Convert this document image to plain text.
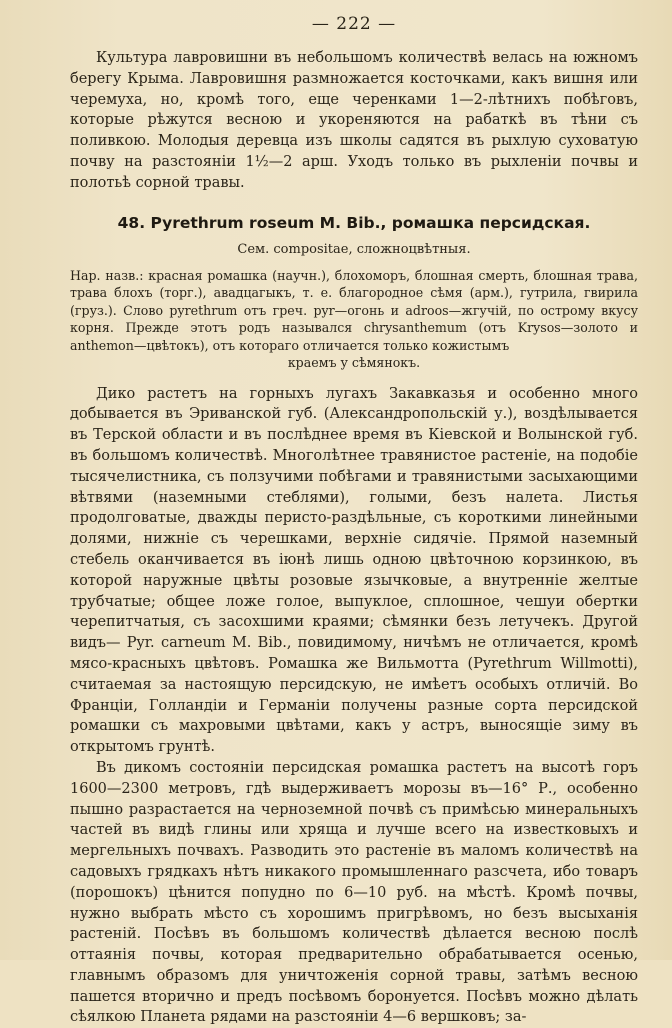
— 222 —

Культура лавровишни въ небольшомъ количествѣ велась на южномъ берегу Крыма. Лавровишня размножается косточками, какъ вишня или черемуха, но, кромѣ того, еще черенками 1—2-лѣтнихъ побѣговъ, которые рѣжутся весною и укореняются на рабаткѣ въ тѣни съ поливкою. Молодыя деревца изъ школы садятся въ рыхлую суховатую почву на разстояніи 1½—2 арш. Уходъ только въ рыхленіи почвы и полотьѣ сорной травы.

48. Pyrethrum roseum M. Bib., ромашка персидская.
Сем. compositae, сложноцвѣтныя.
Нар. назв.: красная ромашка (научн.), блохоморъ, блошная смерть, блошная трава, трава блохъ (торг.), авадцагыкъ, т. е. благородное сѣмя (арм.), гутрила, гвирила (груз.). Слово pyrethrum отъ греч. pyr—огонь и adroos—жгучій, по острому вкусу корня. Прежде этотъ родъ назывался chrysanthemum (отъ Krysos—золото и anthemon—цвѣтокъ), отъ котораго отличается только кожистымъ
краемъ у сѣмянокъ.

Дико растетъ на горныхъ лугахъ Закавказья и особенно много добывается въ Эриванской губ. (Александропольскій у.), воздѣлывается въ Терской области и въ послѣднее время въ Кіевской и Волынской губ. въ большомъ количествѣ. Многолѣтнее травянистое растеніе, на подобіе тысячелистника, съ ползучими побѣгами и травянистыми засыхающими вѣтвями (наземными стеблями), голыми, безъ налета. Листья продолговатые, дважды перисто-раздѣльные, съ короткими линейными долями, нижніе съ черешками, верхніе сидячіе. Прямой наземный стебель оканчивается въ іюнѣ лишь одною цвѣточною корзинкою, въ которой наружные цвѣты розовые язычковые, а внутренніе желтые трубчатые; общее ложе голое, выпуклое, сплошное, чешуи обертки черепитчатыя, съ засохшими краями; сѣмянки безъ летучекъ. Другой видъ— Pyr. carneum M. Bib., повидимому, ничѣмъ не отличается, кромѣ мясо-красныхъ цвѣтовъ. Ромашка же Вильмотта (Pyrethrum Willmotti), считаемая за настоящую персидскую, не имѣетъ особыхъ отличій. Во Франціи, Голландіи и Германіи получены разные сорта персидской ромашки съ махровыми цвѣтами, какъ у астръ, выносящіе зиму въ открытомъ грунтѣ.

Въ дикомъ состояніи персидская ромашка растетъ на высотѣ горъ 1600—2300 метровъ, гдѣ выдерживаетъ морозы въ—16° Р., особенно пышно разрастается на черноземной почвѣ съ примѣсью минеральныхъ частей въ видѣ глины или хряща и лучше всего на известковыхъ и мергельныхъ почвахъ. Разводить это растеніе въ маломъ количествѣ на садовыхъ грядкахъ нѣтъ никакого промышленнаго разсчета, ибо товаръ (порошокъ) цѣнится попудно по 6—10 руб. на мѣстѣ. Кромѣ почвы, нужно выбрать мѣсто съ хорошимъ пригрѣвомъ, но безъ высыханія растеній. Посѣвъ въ большомъ количествѣ дѣлается весною послѣ оттаянія почвы, которая предварительно обрабатывается осенью, главнымъ образомъ для уничтоженія сорной травы, затѣмъ весною пашется вторично и предъ посѣвомъ боронуется. Посѣвъ можно дѣлать сѣялкою Планета рядами на разстояніи 4—6 вершковъ; за-
